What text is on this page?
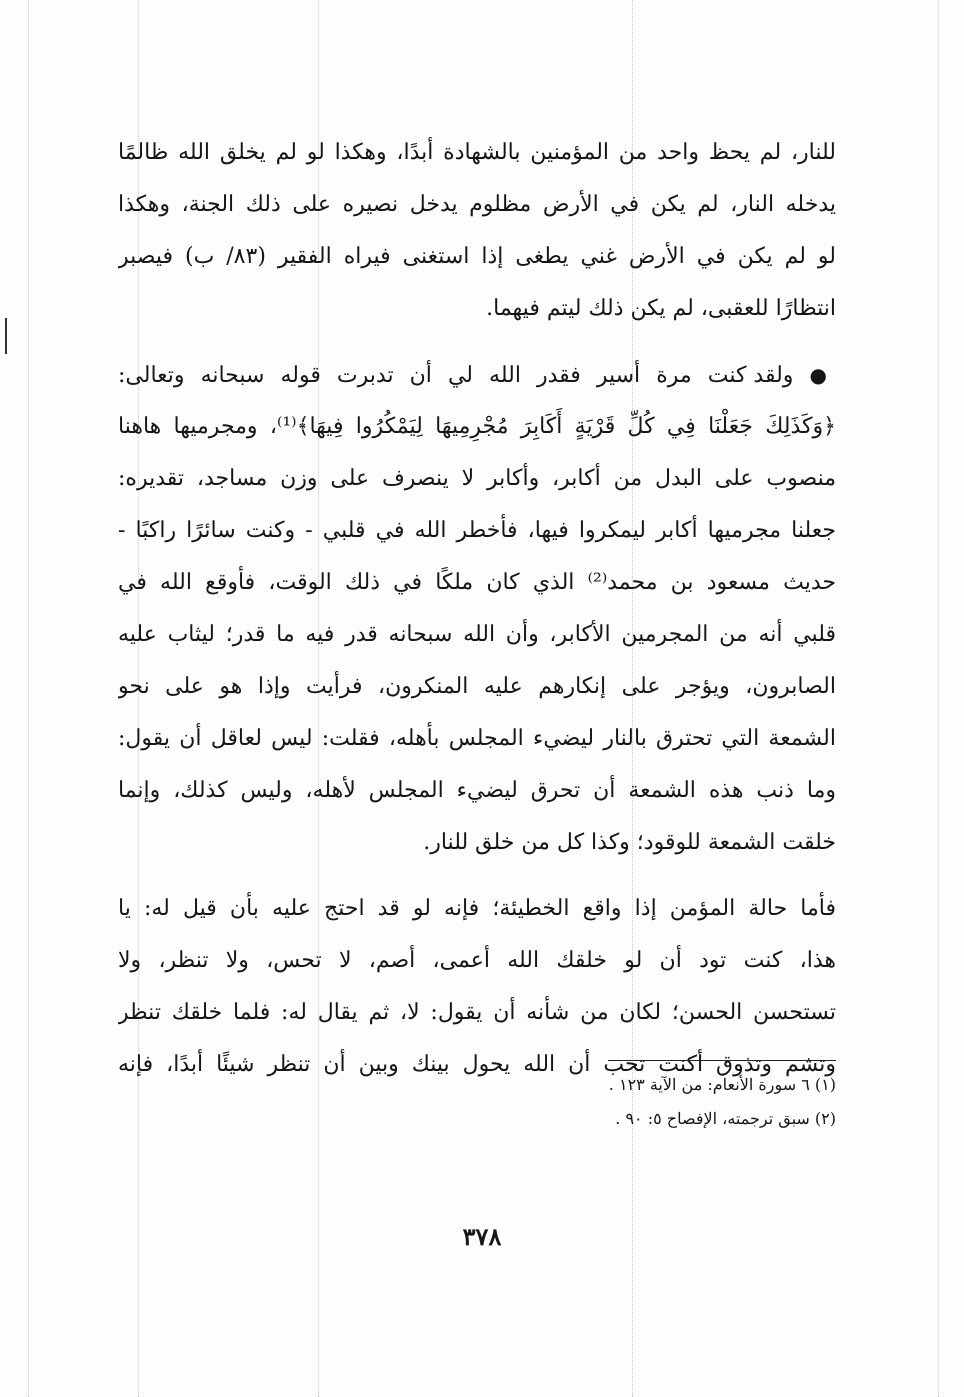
للنار، لم يحظ واحد من المؤمنين بالشهادة أبدًا، وهكذا لو لم يخلق الله ظالمًا
يدخله النار، لم يكن في الأرض مظلوم يدخل نصيره على ذلك الجنة، وهكذا
لو لم يكن في الأرض غني يطغى إذا استغنى فيراه الفقير (٨٣/ ب) فيصبر
انتظارًا للعقبى، لم يكن ذلك ليتم فيهما.
● ولقد كنت مرة أسير فقدر الله لي أن تدبرت قوله سبحانه وتعالى:
﴿وَكَذَلِكَ جَعَلْنَا فِي كُلِّ قَرْيَةٍ أَكَابِرَ مُجْرِمِيهَا لِيَمْكُرُوا فِيهَا﴾⁽¹⁾، ومجرميها هاهنا
منصوب على البدل من أكابر، وأكابر لا ينصرف على وزن مساجد، تقديره:
جعلنا مجرميها أكابر ليمكروا فيها، فأخطر الله في قلبي - وكنت سائرًا راكبًا -
حديث مسعود بن محمد⁽²⁾ الذي كان ملكًا في ذلك الوقت، فأوقع الله في
قلبي أنه من المجرمين الأكابر، وأن الله سبحانه قدر فيه ما قدر؛ ليثاب عليه
الصابرون، ويؤجر على إنكارهم عليه المنكرون، فرأيت وإذا هو على نحو
الشمعة التي تحترق بالنار ليضيء المجلس بأهله، فقلت: ليس لعاقل أن يقول:
وما ذنب هذه الشمعة أن تحرق ليضيء المجلس لأهله، وليس كذلك، وإنما
خلقت الشمعة للوقود؛ وكذا كل من خلق للنار.
فأما حالة المؤمن إذا واقع الخطيئة؛ فإنه لو قد احتج عليه بأن قيل له: يا
هذا، كنت تود أن لو خلقك الله أعمى، أصم، لا تحس، ولا تنظر، ولا
تستحسن الحسن؛ لكان من شأنه أن يقول: لا، ثم يقال له: فلما خلقك تنظر
وتشم وتذوق أكنت تحب أن الله يحول بينك وبين أن تنظر شيئًا أبدًا، فإنه
(١) ٦ سورة الأنعام: من الآية ١٢٣ .
(٢) سبق ترجمته، الإفصاح ٥: ٩٠ .
٣٧٨
